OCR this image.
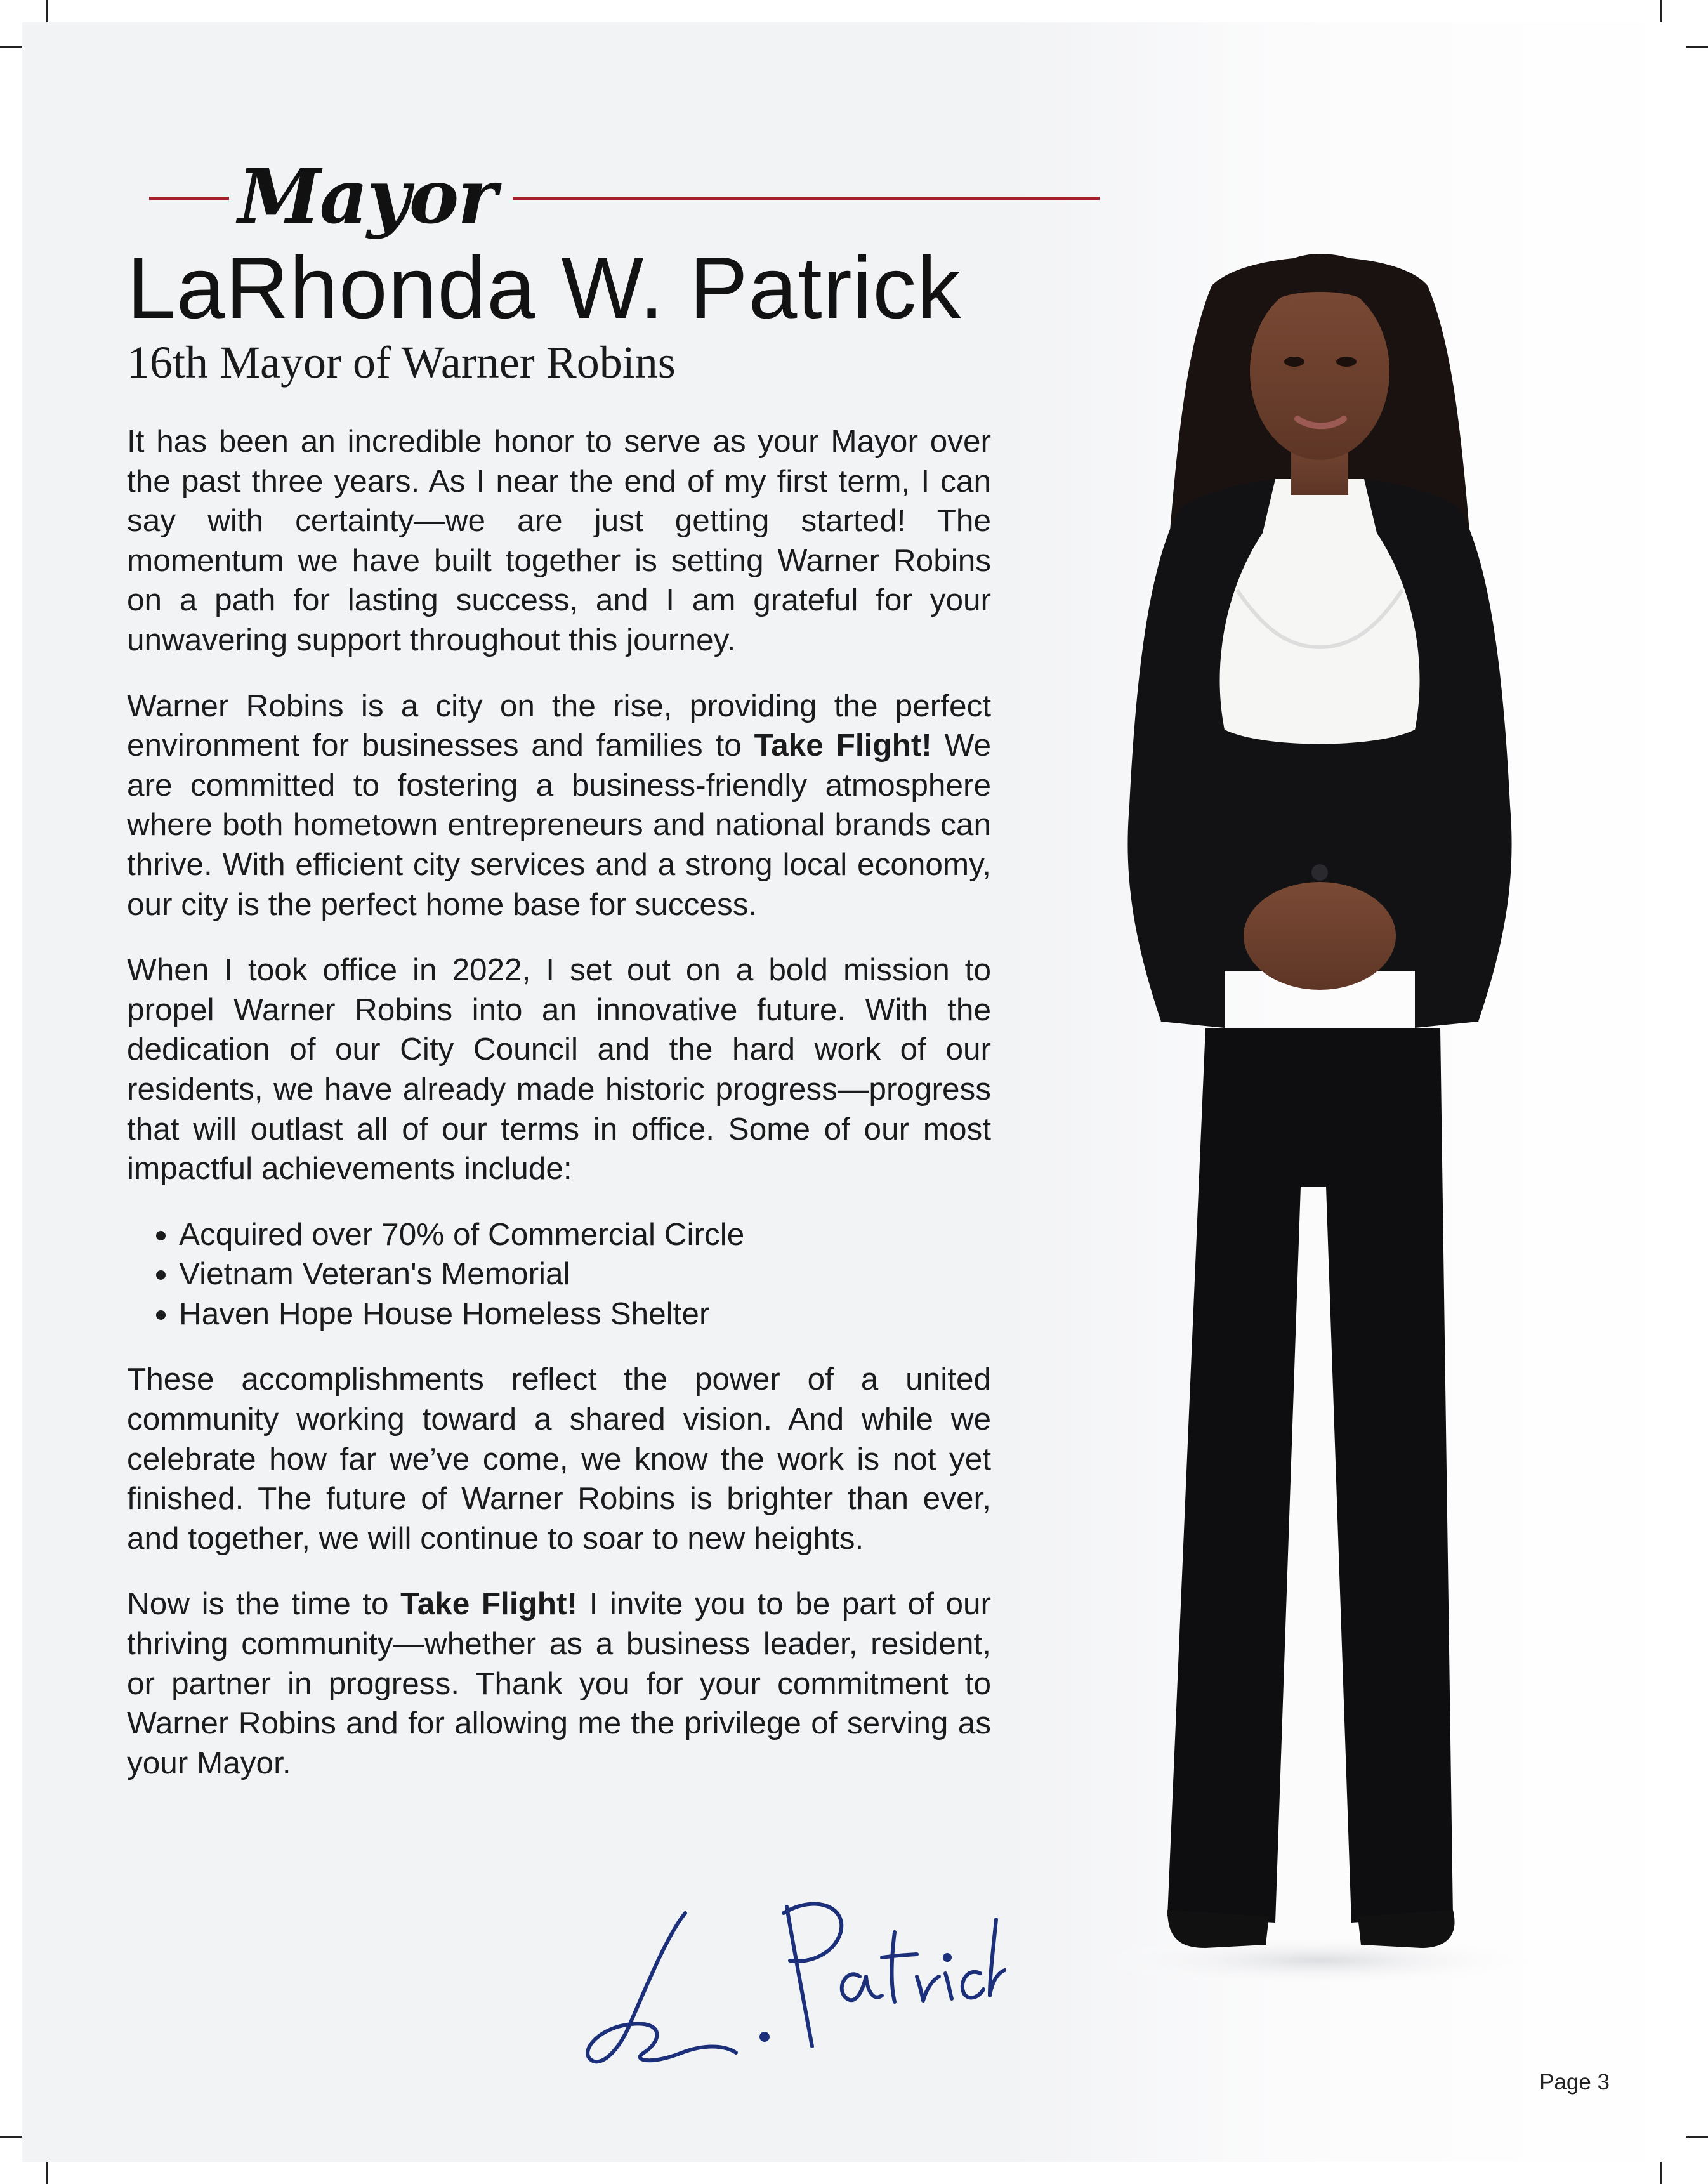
Mayor
LaRhonda W. Patrick
16th Mayor of Warner Robins

It has been an incredible honor to serve as your Mayor over the past three years. As I near the end of my first term, I can say with certainty—we are just getting started! The momentum we have built together is setting Warner Robins on a path for lasting success, and I am grateful for your unwavering support throughout this journey.

Warner Robins is a city on the rise, providing the perfect environment for businesses and families to Take Flight! We are committed to fostering a business-friendly atmosphere where both hometown entrepreneurs and national brands can thrive. With efficient city services and a strong local economy, our city is the perfect home base for success.

When I took office in 2022, I set out on a bold mission to propel Warner Robins into an innovative future. With the dedication of our City Council and the hard work of our residents, we have already made historic progress—progress that will outlast all of our terms in office. Some of our most impactful achievements include:

• Acquired over 70% of Commercial Circle
• Vietnam Veteran's Memorial
• Haven Hope House Homeless Shelter

These accomplishments reflect the power of a united community working toward a shared vision. And while we celebrate how far we’ve come, we know the work is not yet finished. The future of Warner Robins is brighter than ever, and together, we will continue to soar to new heights.

Now is the time to Take Flight! I invite you to be part of our thriving community—whether as a business leader, resident, or partner in progress. Thank you for your commitment to Warner Robins and for allowing me the privilege of serving as your Mayor.

Page 3
